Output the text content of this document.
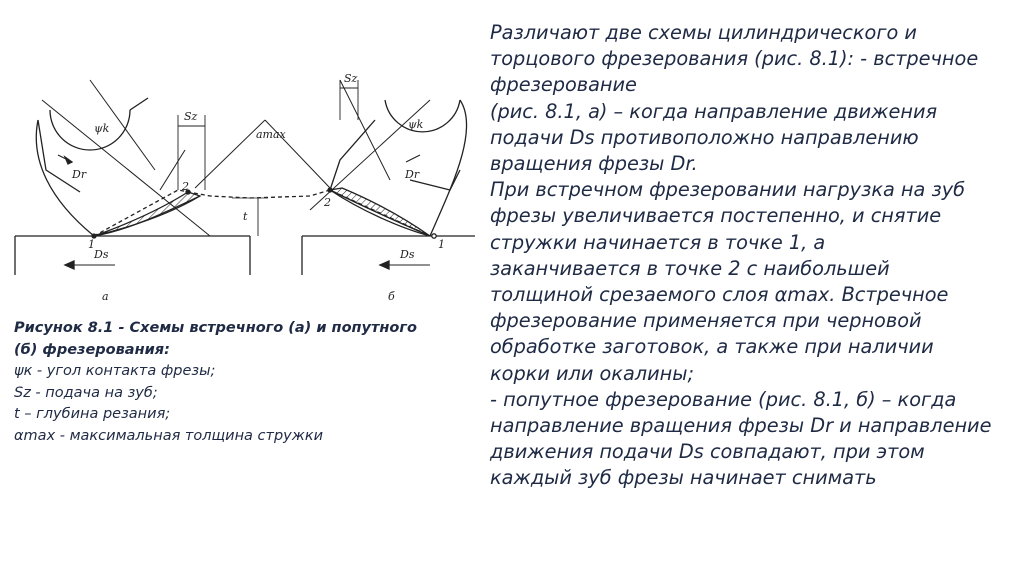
Sz
amax
ψk
Dr
Ds
2
1
t
Sz
ψk
Dr
Ds
2
1
а	б
Рисунок 8.1 - Схемы встречного (а) и попутного
(б) фрезерования:
ψк - угол контакта фрезы;
Sz - подача на зуб;
t – глубина резания;
αmax - максимальная толщина стружки
Различают две схемы цилиндрического и
торцового фрезерования (рис. 8.1): - встречное
фрезерование
(рис. 8.1, а) – когда направление движения
подачи Ds противоположно направлению
вращения фрезы Dr.
При встречном фрезеровании нагрузка на зуб
фрезы увеличивается постепенно, и снятие
стружки начинается в точке 1, а
заканчивается в точке 2 с наибольшей
толщиной срезаемого слоя αmax. Встречное
фрезерование применяется при черновой
обработке заготовок, а также при наличии
корки или окалины;
- попутное фрезерование (рис. 8.1, б) – когда
направление вращения фрезы Dr и направление
движения подачи Ds совпадают, при этом
каждый зуб фрезы начинает снимать
